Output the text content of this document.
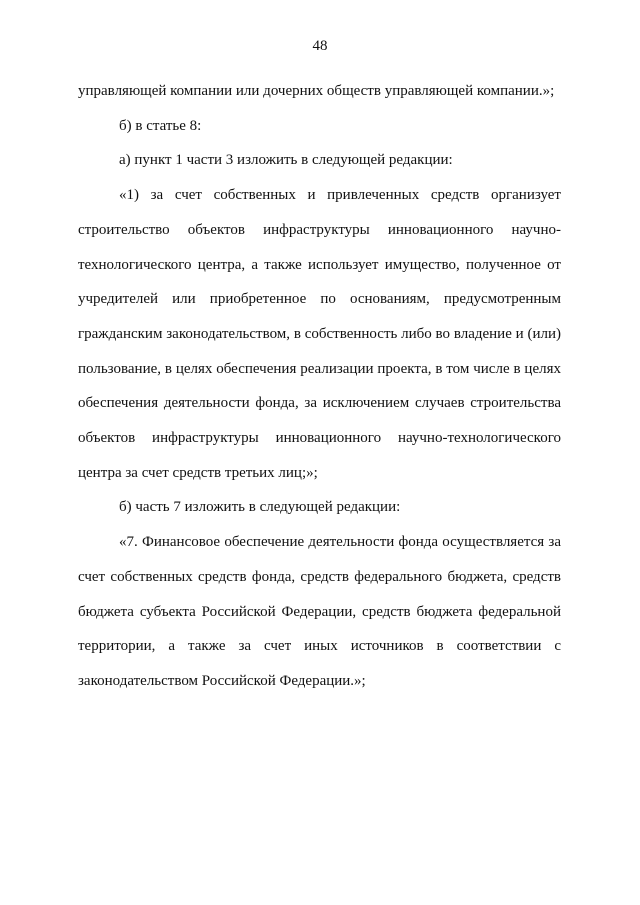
48

управляющей компании или дочерних обществ управляющей компании.»;

б) в статье 8:

а) пункт 1 части 3 изложить в следующей редакции:

«1) за счет собственных и привлеченных средств организует строительство объектов инфраструктуры инновационного научно-технологического центра, а также использует имущество, полученное от учредителей или приобретенное по основаниям, предусмотренным гражданским законодательством, в собственность либо во владение и (или) пользование, в целях обеспечения реализации проекта, в том числе в целях обеспечения деятельности фонда, за исключением случаев строительства объектов инфраструктуры инновационного научно-технологического центра за счет средств третьих лиц;»;

б) часть 7 изложить в следующей редакции:

«7. Финансовое обеспечение деятельности фонда осуществляется за счет собственных средств фонда, средств федерального бюджета, средств бюджета субъекта Российской Федерации, средств бюджета федеральной территории, а также за счет иных источников в соответствии с законодательством Российской Федерации.»;
